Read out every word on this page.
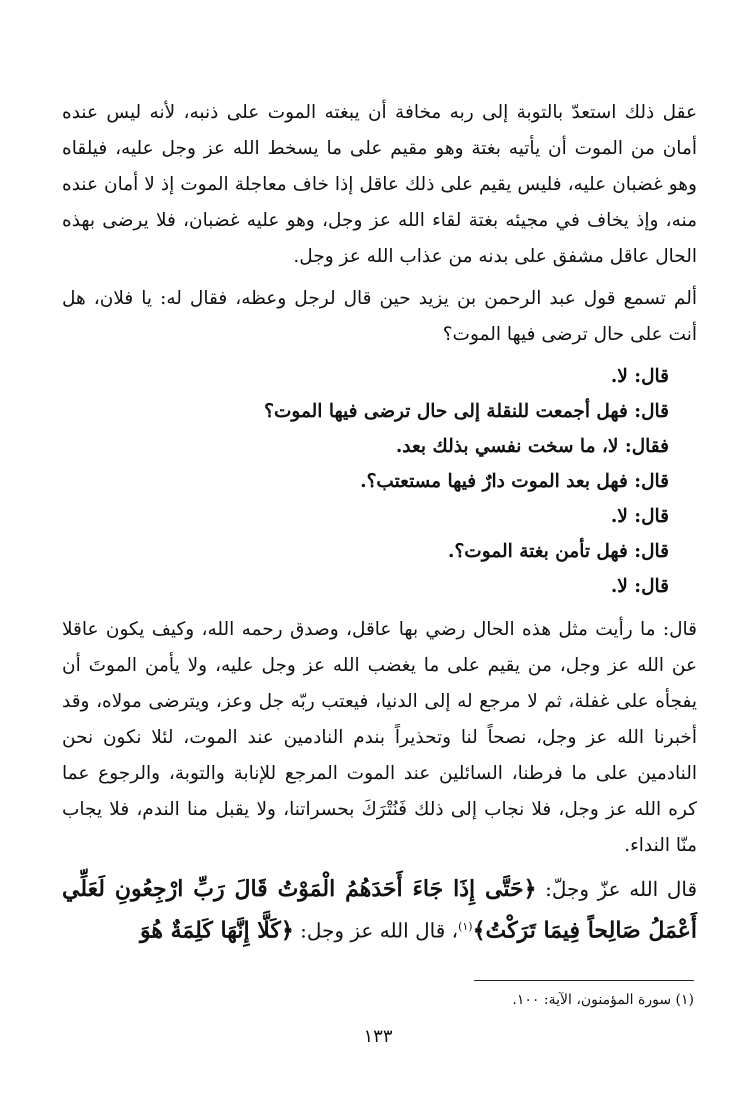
عقل ذلك استعدّ بالتوبة إلى ربه مخافة أن يبغته الموت على ذنبه، لأنه ليس عنده أمان من الموت أن يأتيه بغتة وهو مقيم على ما يسخط الله عز وجل عليه، فيلقاه وهو غضبان عليه، فليس يقيم على ذلك عاقل إذا خاف معاجلة الموت إذ لا أمان عنده منه، وإذ يخاف في مجيئه بغتة لقاء الله عز وجل، وهو عليه غضبان، فلا يرضى بهذه الحال عاقل مشفق على بدنه من عذاب الله عز وجل.

ألم تسمع قول عبد الرحمن بن يزيد حين قال لرجل وعظه، فقال له: يا فلان، هل أنت على حال ترضى فيها الموت؟

قال: لا.
قال: فهل أجمعت للنقلة إلى حال ترضى فيها الموت؟
فقال: لا، ما سخت نفسي بذلك بعد.
قال: فهل بعد الموت دارٌ فيها مستعتب؟.
قال: لا.
قال: فهل تأمن بغتة الموت؟.
قال: لا.

قال: ما رأيت مثل هذه الحال رضي بها عاقل، وصدق رحمه الله، وكيف يكون عاقلا عن الله عز وجل، من يقيم على ما يغضب الله عز وجل عليه، ولا يأمن الموتَ أن يفجأه على غفلة، ثم لا مرجع له إلى الدنيا، فيعتب ربّه جل وعز، ويترضى مولاه، وقد أخبرنا الله عز وجل، نصحاً لنا وتحذيراً بندم النادمين عند الموت، لئلا نكون نحن النادمين على ما فرطنا، السائلين عند الموت المرجع للإنابة والتوبة، والرجوع عما كره الله عز وجل، فلا نجاب إلى ذلك فَنُتْرَكَ بحسراتنا، ولا يقبل منا الندم، فلا يجاب منّا النداء.

قال الله عزّ وجلّ: ﴿حَتَّى إِذَا جَاءَ أَحَدَهُمُ الْمَوْتُ قَالَ رَبِّ ارْجِعُونِ لَعَلِّي أَعْمَلُ صَالِحاً فِيمَا تَرَكْتُ﴾$^{(١)}$، قال الله عز وجل: ﴿كَلَّا إِنَّهَا كَلِمَةٌ هُوَ

(١) سورة المؤمنون، الآية: ١٠٠.
١٣٣
